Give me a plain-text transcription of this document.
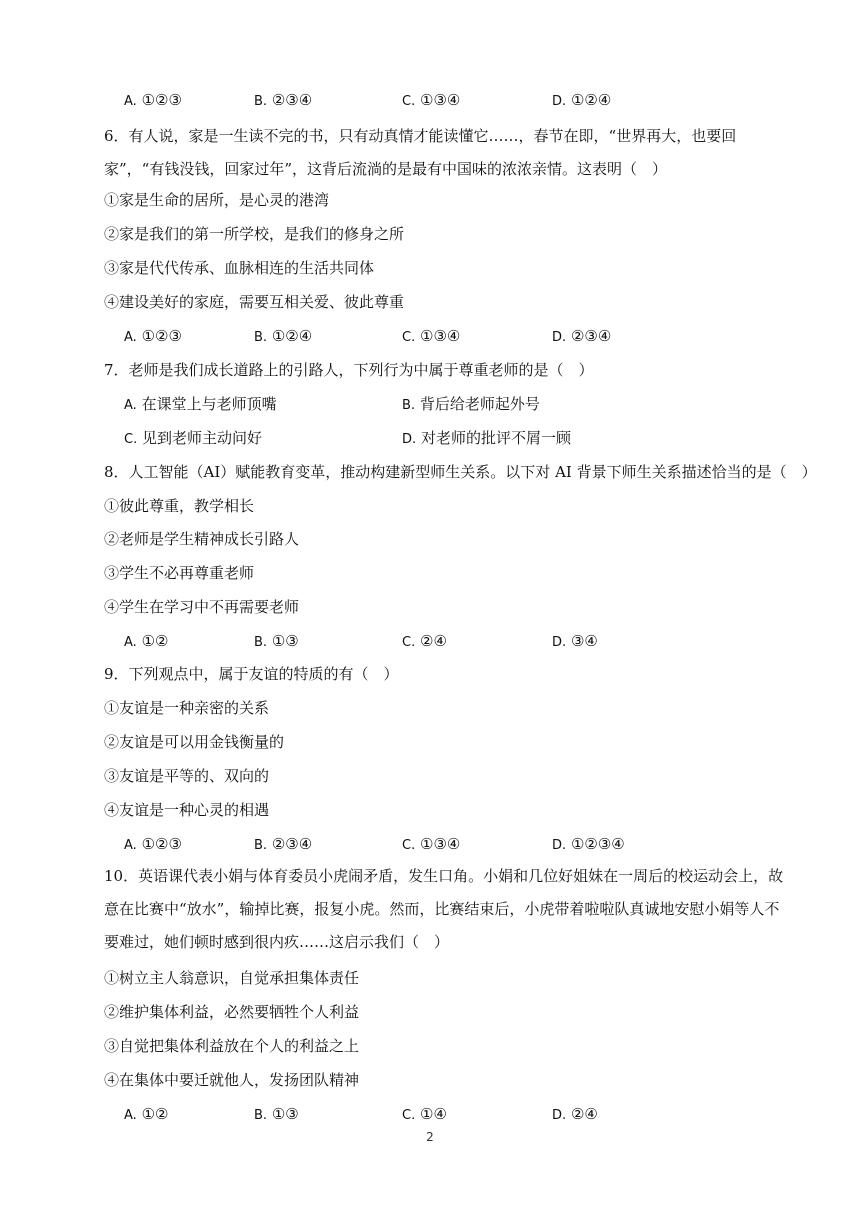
A. ①②③	B. ②③④	C. ①③④	D. ①②④
6．有人说，家是一生读不完的书，只有动真情才能读懂它……，春节在即，“世界再大，也要回家”，“有钱没钱，回家过年”，这背后流淌的是最有中国味的浓浓亲情。这表明（　）
①家是生命的居所，是心灵的港湾
②家是我们的第一所学校，是我们的修身之所
③家是代代传承、血脉相连的生活共同体
④建设美好的家庭，需要互相关爱、彼此尊重
A. ①②③	B. ①②④	C. ①③④	D. ②③④
7．老师是我们成长道路上的引路人，下列行为中属于尊重老师的是（　）
A. 在课堂上与老师顶嘴	B. 背后给老师起外号
C. 见到老师主动问好	D. 对老师的批评不屑一顾
8．人工智能（AI）赋能教育变革，推动构建新型师生关系。以下对 AI 背景下师生关系描述恰当的是（　）
①彼此尊重，教学相长
②老师是学生精神成长引路人
③学生不必再尊重老师
④学生在学习中不再需要老师
A. ①②	B. ①③	C. ②④	D. ③④
9．下列观点中，属于友谊的特质的有（　）
①友谊是一种亲密的关系
②友谊是可以用金钱衡量的
③友谊是平等的、双向的
④友谊是一种心灵的相遇
A. ①②③	B. ②③④	C. ①③④	D. ①②③④
10．英语课代表小娟与体育委员小虎闹矛盾，发生口角。小娟和几位好姐妹在一周后的校运动会上，故意在比赛中“放水”，输掉比赛，报复小虎。然而，比赛结束后，小虎带着啦啦队真诚地安慰小娟等人不要难过，她们顿时感到很内疚……这启示我们（　）
①树立主人翁意识，自觉承担集体责任
②维护集体利益，必然要牺牲个人利益
③自觉把集体利益放在个人的利益之上
④在集体中要迁就他人，发扬团队精神
A. ①②	B. ①③	C. ①④	D. ②④
2
